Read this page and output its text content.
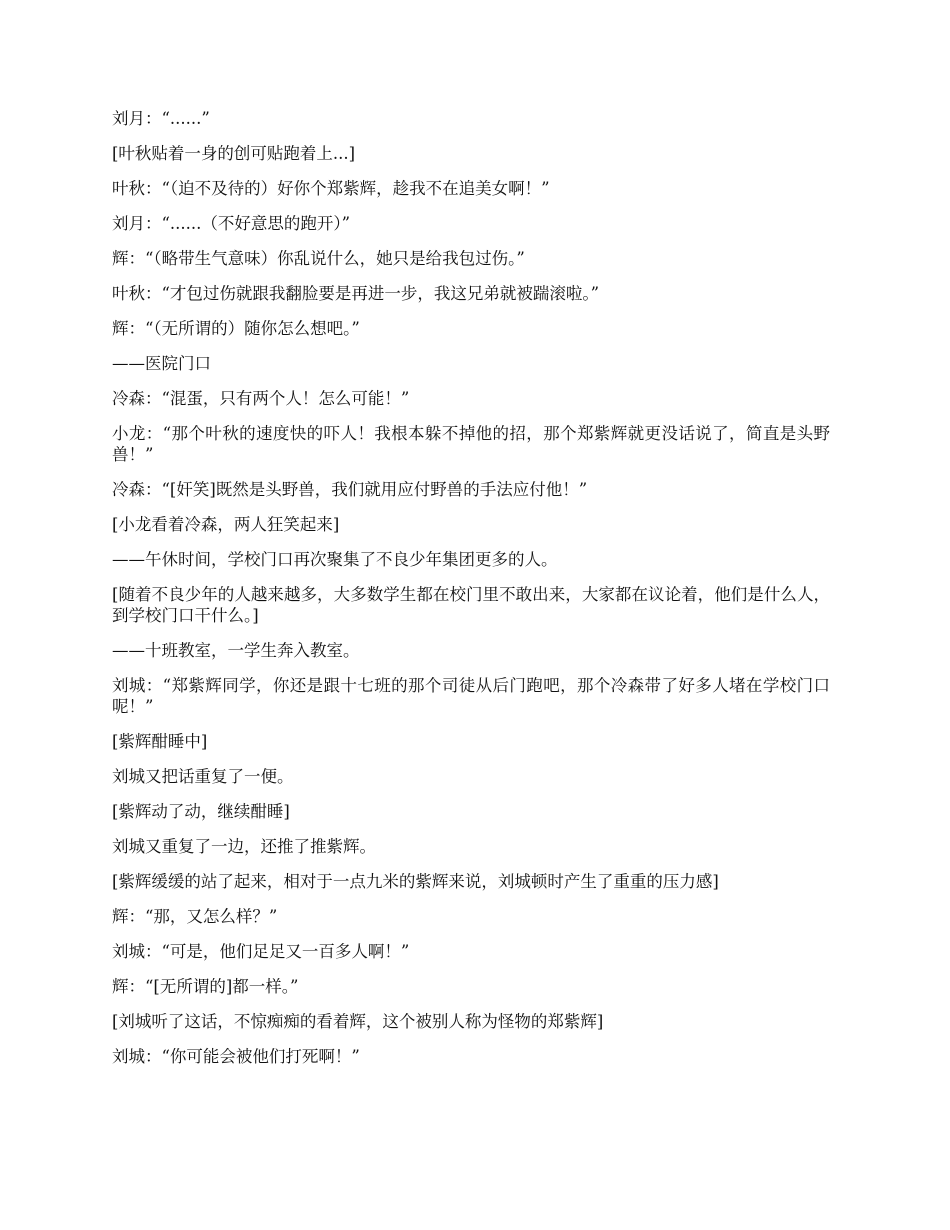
刘月：“......”

[叶秋贴着一身的创可贴跑着上...]

叶秋：“（迫不及待的）好你个郑紫辉，趁我不在追美女啊！”

刘月：“......（不好意思的跑开）”

辉：“（略带生气意味）你乱说什么，她只是给我包过伤。”

叶秋：“才包过伤就跟我翻脸要是再进一步，我这兄弟就被踹滚啦。”

辉：“（无所谓的）随你怎么想吧。”

——医院门口

冷森：“混蛋，只有两个人！怎么可能！”

小龙：“那个叶秋的速度快的吓人！我根本躲不掉他的招，那个郑紫辉就更没话说了，简直是头野兽！”

冷森：“[奸笑]既然是头野兽，我们就用应付野兽的手法应付他！”

[小龙看着冷森，两人狂笑起来]

——午休时间，学校门口再次聚集了不良少年集团更多的人。

[随着不良少年的人越来越多，大多数学生都在校门里不敢出来，大家都在议论着，他们是什么人，到学校门口干什么。]

——十班教室，一学生奔入教室。

刘城：“郑紫辉同学，你还是跟十七班的那个司徒从后门跑吧，那个冷森带了好多人堵在学校门口呢！”

[紫辉酣睡中]

刘城又把话重复了一便。

[紫辉动了动，继续酣睡]

刘城又重复了一边，还推了推紫辉。

[紫辉缓缓的站了起来，相对于一点九米的紫辉来说，刘城顿时产生了重重的压力感]

辉：“那，又怎么样？”

刘城：“可是，他们足足又一百多人啊！”

辉：“[无所谓的]都一样。”

[刘城听了这话，不惊痴痴的看着辉，这个被别人称为怪物的郑紫辉]

刘城：“你可能会被他们打死啊！”
